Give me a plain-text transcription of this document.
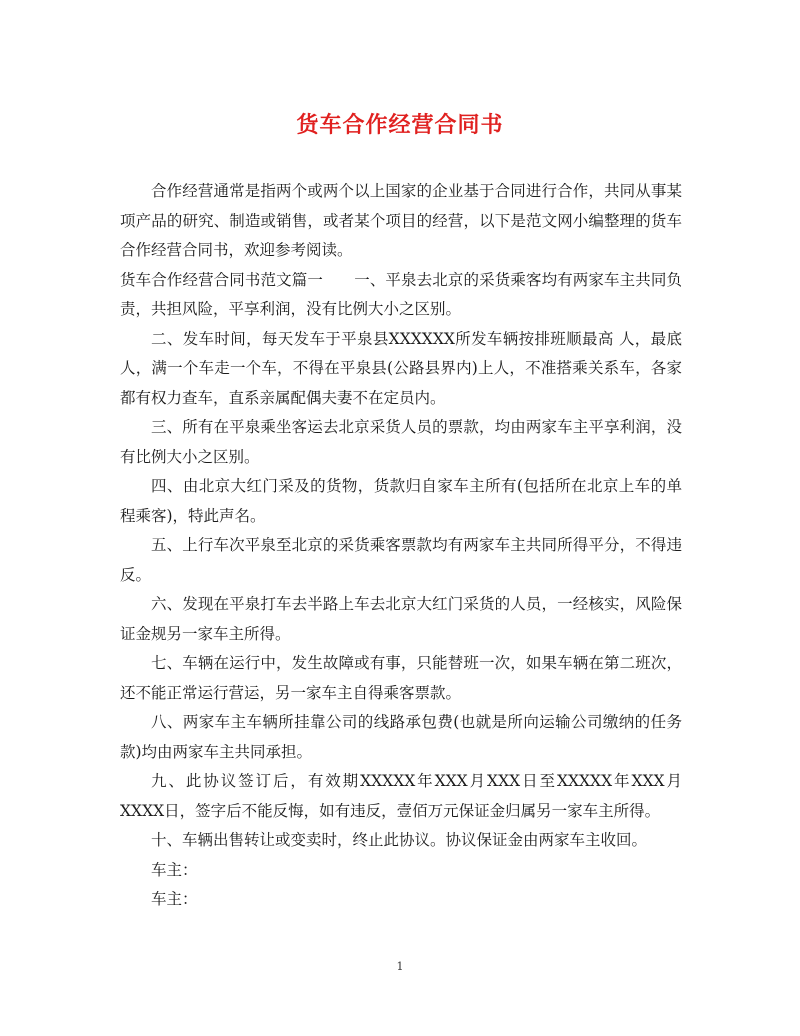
货车合作经营合同书

合作经营通常是指两个或两个以上国家的企业基于合同进行合作，共同从事某项产品的研究、制造或销售，或者某个项目的经营，以下是范文网小编整理的货车合作经营合同书，欢迎参考阅读。

货车合作经营合同书范文篇一　　一、平泉去北京的采货乘客均有两家车主共同负责，共担风险，平享利润，没有比例大小之区别。

二、发车时间，每天发车于平泉县XXXXXX所发车辆按排班顺最高 人，最底人，满一个车走一个车，不得在平泉县(公路县界内)上人，不准搭乘关系车，各家都有权力查车，直系亲属配偶夫妻不在定员内。

三、所有在平泉乘坐客运去北京采货人员的票款，均由两家车主平享利润，没有比例大小之区别。

四、由北京大红门采及的货物，货款归自家车主所有(包括所在北京上车的单程乘客)，特此声名。

五、上行车次平泉至北京的采货乘客票款均有两家车主共同所得平分，不得违反。

六、发现在平泉打车去半路上车去北京大红门采货的人员，一经核实，风险保证金规另一家车主所得。

七、车辆在运行中，发生故障或有事，只能替班一次，如果车辆在第二班次，还不能正常运行营运，另一家车主自得乘客票款。

八、两家车主车辆所挂靠公司的线路承包费(也就是所向运输公司缴纳的任务款)均由两家车主共同承担。

九、此协议签订后，有效期XXXXX年XXX月XXX日至XXXXX年XXX月XXXX日，签字后不能反悔，如有违反，壹佰万元保证金归属另一家车主所得。

十、车辆出售转让或变卖时，终止此协议。协议保证金由两家车主收回。

车主：

车主：

1
